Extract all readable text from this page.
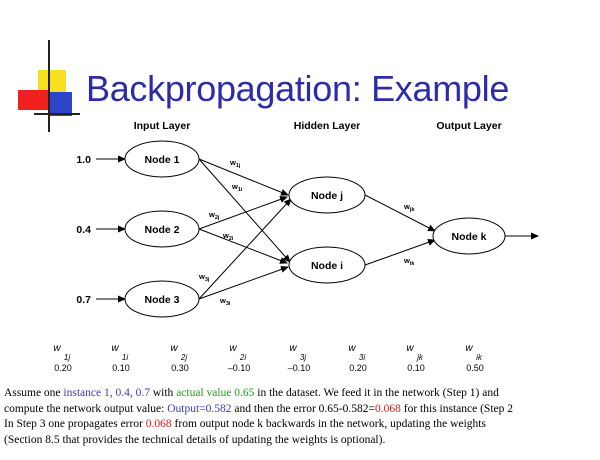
Backpropagation: Example
Input Layer	Hidden Layer	Output Layer
1.0
0.4
0.7
Node 1
Node 2
Node 3
Node j
Node i
Node k
$w_{1j}$
$w_{1i}$
$w_{2j}$
$w_{2i}$
$w_{3j}$
$w_{3i}$
$w_{jk}$
$w_{ik}$
w
1j
0.20
w
1i
0.10
w
2j
0.30
w
2i
–0.10
w
3j
–0.10
w
3i
0.20
w
jk
0.10
w
ik
0.50
Assume one instance 1, 0.4, 0.7 with actual value 0.65 in the dataset. We feed it in the network (Step 1) and
compute the network output value: Output=0.582 and then the error 0.65-0.582=0.068 for this instance (Step 2
In Step 3 one propagates error 0.068 from output node k backwards in the network, updating the weights
(Section 8.5 that provides the technical details of updating the weights is optional).
